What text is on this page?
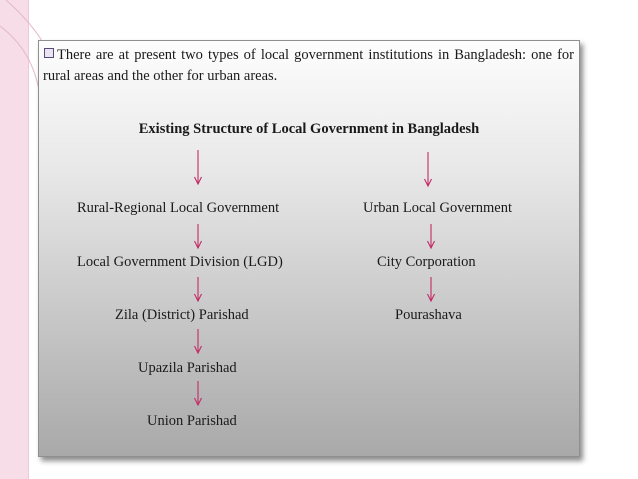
There are at present two types of local government institutions in Bangladesh: one for rural areas and the other for urban areas.

Existing Structure of Local Government in Bangladesh
Rural-Regional Local Government
Local Government Division (LGD)
Zila (District) Parishad
Upazila Parishad
Union Parishad
Urban Local Government
City Corporation
Pourashava
